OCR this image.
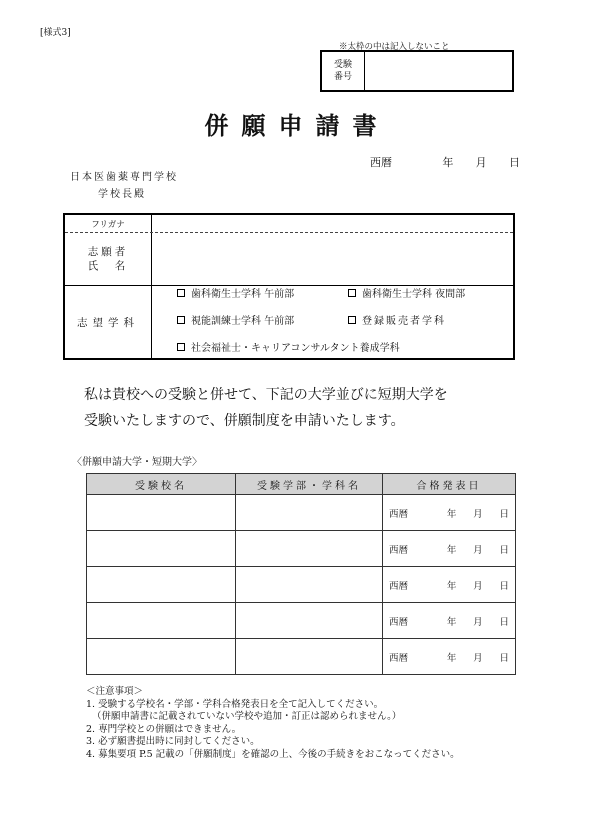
[様式3]
※太枠の中は記入しないこと
受験
番号
併願申請書
西暦	年 月 日
日本医歯薬専門学校
学校長殿
フリガナ
志願者
氏　名
志望学科
歯科衛生士学科 午前部	歯科衛生士学科 夜間部
視能訓練士学科 午前部	登録販売者学科
社会福祉士・キャリアコンサルタント養成学科
私は貴校への受験と併せて、下記の大学並びに短期大学を
受験いたしますので、併願制度を申請いたします。
〈併願申請大学・短期大学〉
受験校名	受験学部・学科名	合格発表日

		西暦 年 月 日

		西暦 年 月 日

		西暦 年 月 日

		西暦 年 月 日

		西暦 年 月 日
＜注意事項＞
1. 受験する学校名・学部・学科合格発表日を全て記入してください。
（併願申請書に記載されていない学校や追加・訂正は認められません。）
2. 専門学校との併願はできません。
3. 必ず願書提出時に同封してください。
4. 募集要項 P.5 記載の「併願制度」を確認の上、今後の手続きをおこなってください。
